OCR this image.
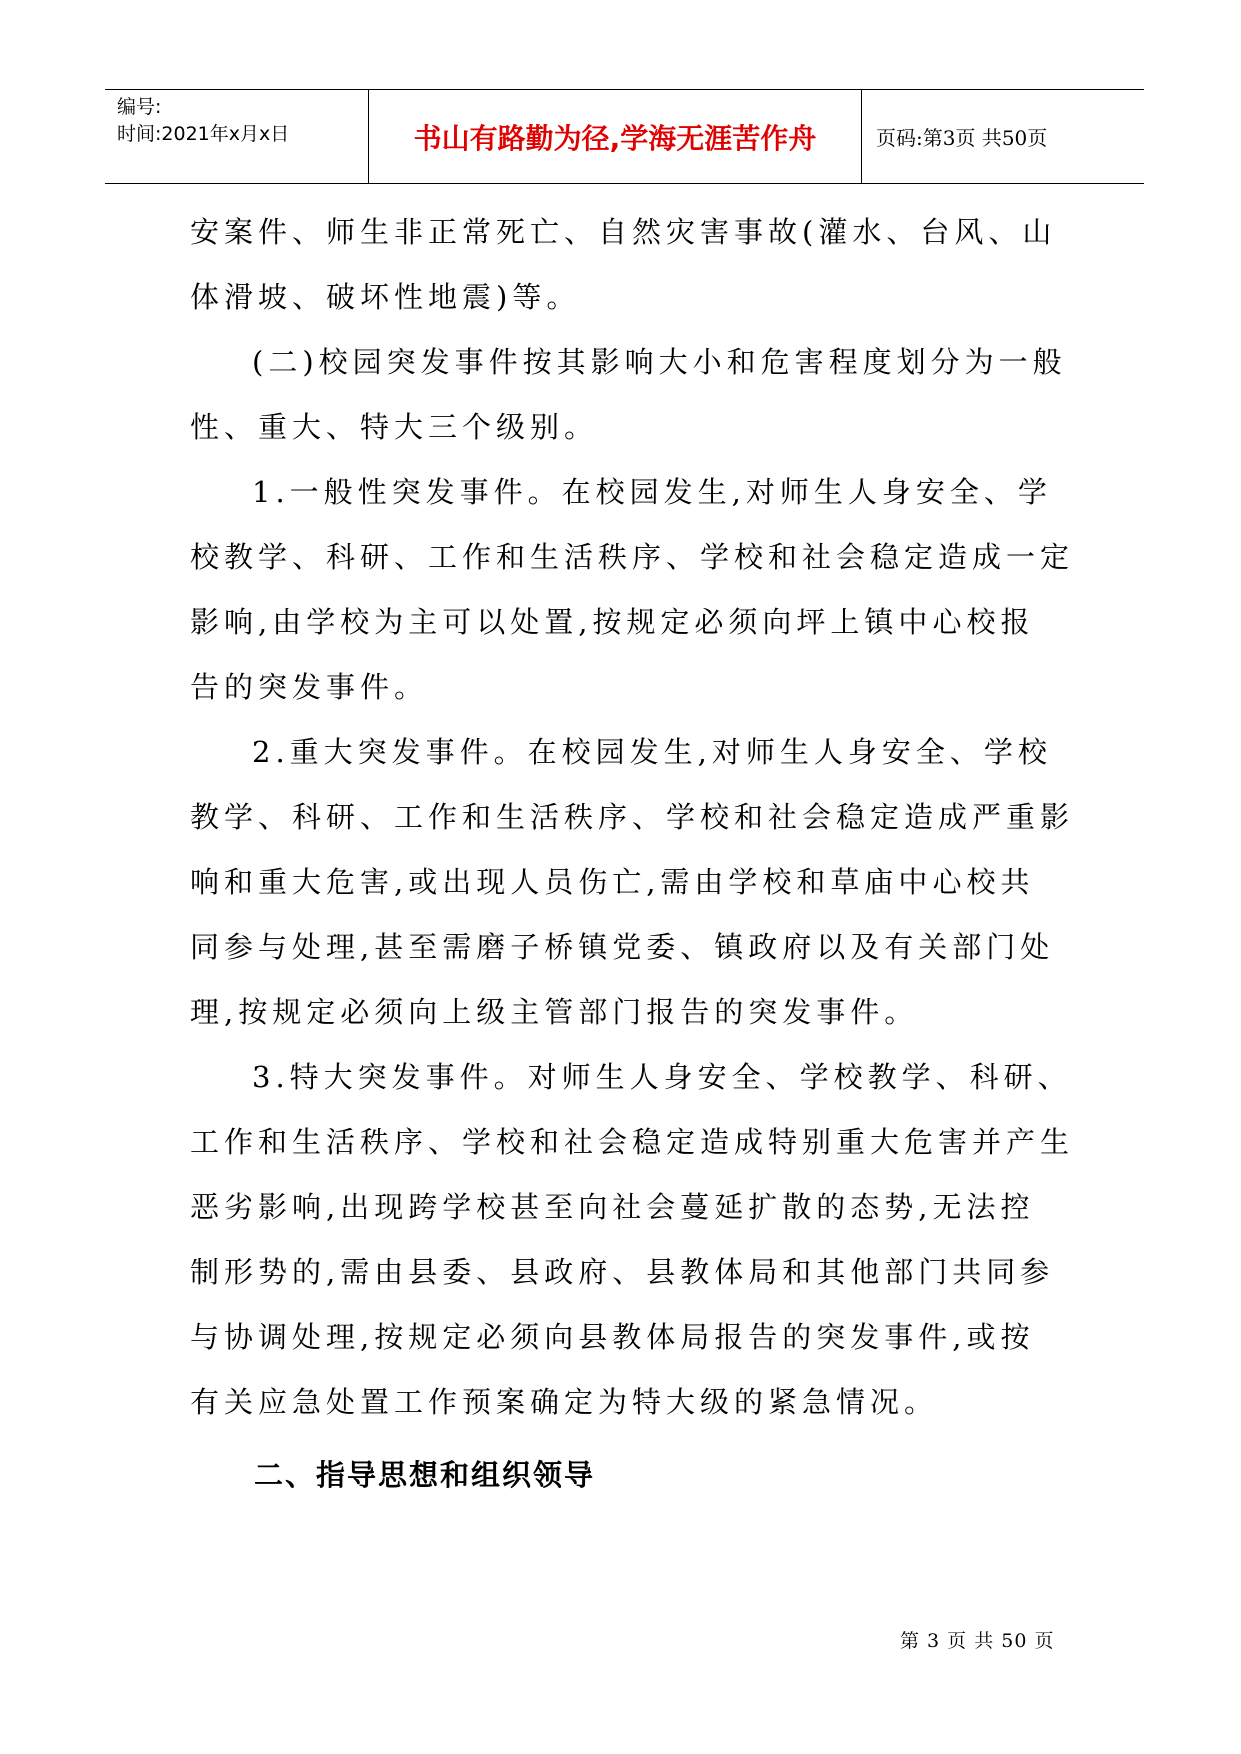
编号:
时间:2021年x月x日	书山有路勤为径,学海无涯苦作舟	页码:第3页 共50页
安案件、师生非正常死亡、自然灾害事故(灌水、台风、山
体滑坡、破坏性地震)等。
(二)校园突发事件按其影响大小和危害程度划分为一般
性、重大、特大三个级别。
1.一般性突发事件。在校园发生,对师生人身安全、学
校教学、科研、工作和生活秩序、学校和社会稳定造成一定
影响,由学校为主可以处置,按规定必须向坪上镇中心校报
告的突发事件。
2.重大突发事件。在校园发生,对师生人身安全、学校
教学、科研、工作和生活秩序、学校和社会稳定造成严重影
响和重大危害,或出现人员伤亡,需由学校和草庙中心校共
同参与处理,甚至需磨子桥镇党委、镇政府以及有关部门处
理,按规定必须向上级主管部门报告的突发事件。
3.特大突发事件。对师生人身安全、学校教学、科研、
工作和生活秩序、学校和社会稳定造成特别重大危害并产生
恶劣影响,出现跨学校甚至向社会蔓延扩散的态势,无法控
制形势的,需由县委、县政府、县教体局和其他部门共同参
与协调处理,按规定必须向县教体局报告的突发事件,或按
有关应急处置工作预案确定为特大级的紧急情况。
二、指导思想和组织领导
第 3 页 共 50 页
